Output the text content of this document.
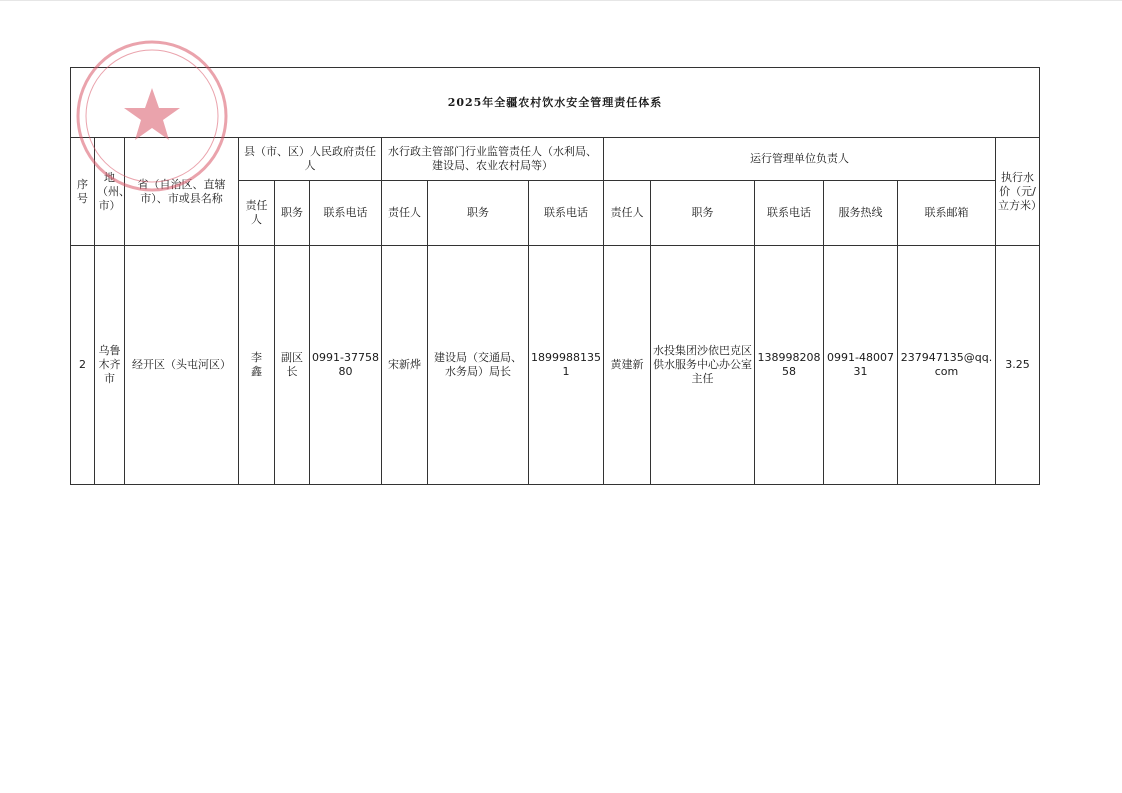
2025年全疆农村饮水安全管理责任体系														
序号	地（州、市）	省（自治区、直辖市）、市或县名称	县（市、区）人民政府责任人			水行政主管部门行业监管责任人（水利局、建设局、农业农村局等）			运行管理单位负责人					执行水价（元/立方米）
			责任人	职务	联系电话	责任人	职务	联系电话	责任人	职务	联系电话	服务热线	联系邮箱	
2	乌鲁木齐市	经开区（头屯河区）	李　鑫	副区长	0991-3775880	宋新烨	建设局（交通局、水务局）局长	18999881351	黄建新	水投集团沙依巴克区供水服务中心办公室主任	13899820858	0991-4800731	237947135@qq.com	3.25
